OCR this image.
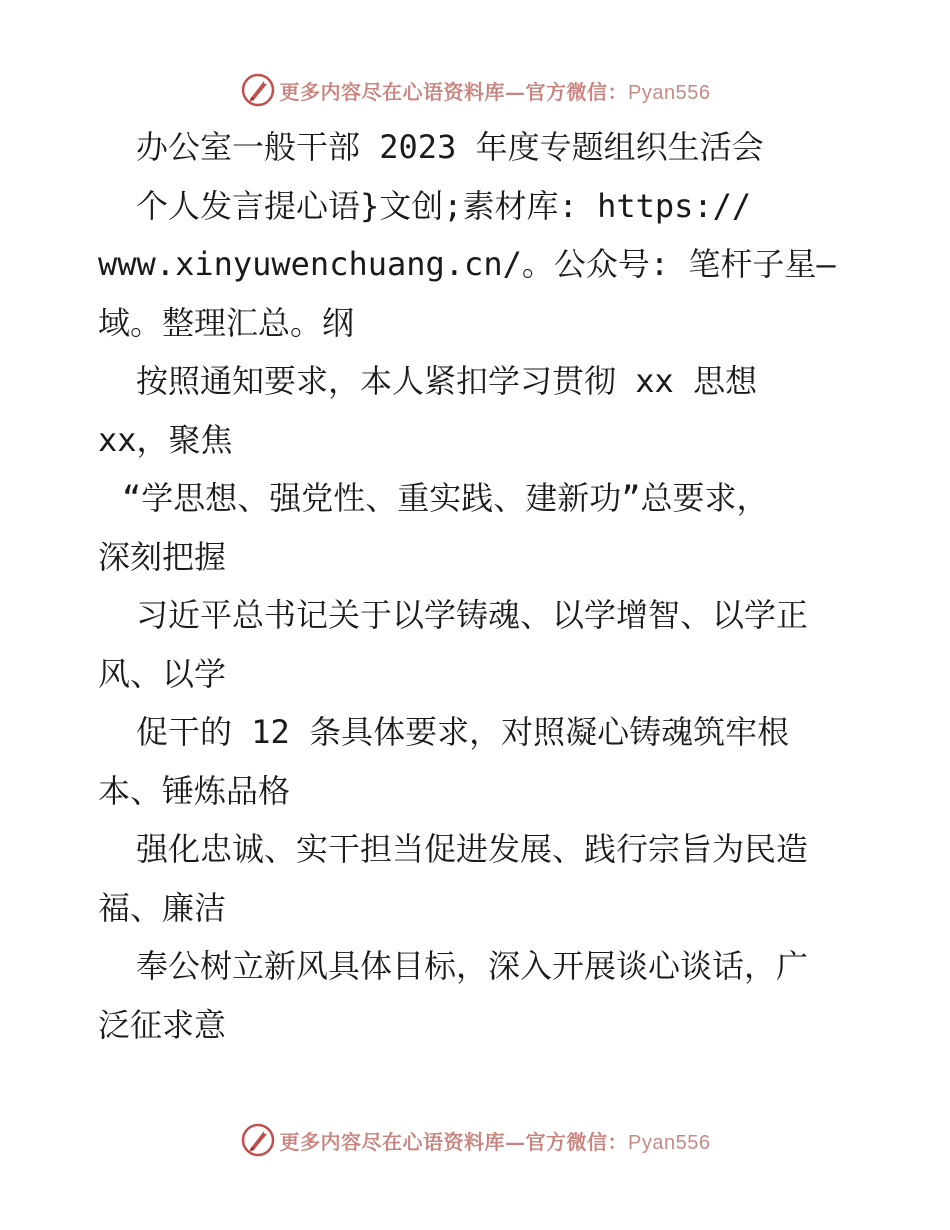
更多内容尽在心语资料库—官方微信：Pyan556
办公室一般干部 2023 年度专题组织生活会
个人发言提心语}文创;素材库: https://
www.xinyuwenchuang.cn/。公众号: 笔杆子星—
域。整理汇总。纲
按照通知要求，本人紧扣学习贯彻 xx 思想
xx，聚焦
“学思想、强党性、重实践、建新功”总要求，
深刻把握
习近平总书记关于以学铸魂、以学增智、以学正
风、以学
促干的 12 条具体要求，对照凝心铸魂筑牢根
本、锤炼品格
强化忠诚、实干担当促进发展、践行宗旨为民造
福、廉洁
奉公树立新风具体目标，深入开展谈心谈话，广
泛征求意
更多内容尽在心语资料库—官方微信：Pyan556
